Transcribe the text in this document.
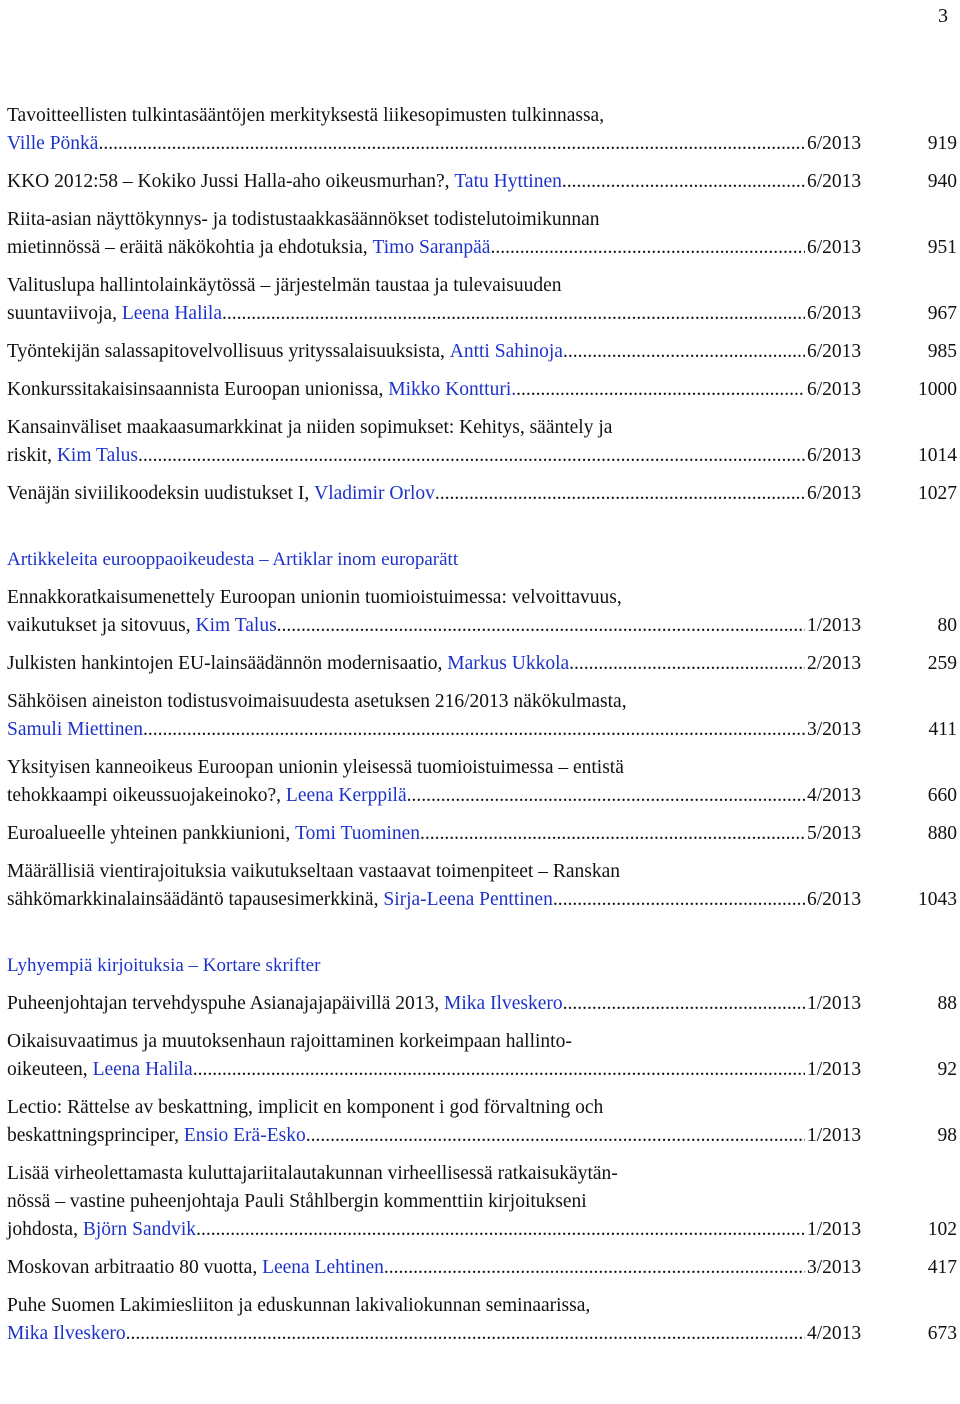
3
Tavoitteellisten tulkintasääntöjen merkityksestä liikesopimusten tulkinnassa,
Ville Pönkä .....	6/2013	919
KKO 2012:58 – Kokiko Jussi Halla-aho oikeusmurhan?, Tatu Hyttinen .....	6/2013	940
Riita-asian näyttökynnys- ja todistustaakkasäännökset todistelutoimikunnan
mietinnössä – eräitä näkökohtia ja ehdotuksia, Timo Saranpää .....	6/2013	951
Valituslupa hallintolainkäytössä – järjestelmän taustaa ja tulevaisuuden
suuntaviivoja, Leena Halila .....	6/2013	967
Työntekijän salassapitovelvollisuus yrityssalaisuuksista, Antti Sahinoja .....	6/2013	985
Konkurssitakaisinsaannista Euroopan unionissa, Mikko Kontturi. .....	6/2013	1000
Kansainväliset maakaasumarkkinat ja niiden sopimukset: Kehitys, sääntely ja
riskit, Kim Talus .....	6/2013	1014
Venäjän siviilikoodeksin uudistukset I, Vladimir Orlov .....	6/2013	1027
Artikkeleita eurooppaoikeudesta – Artiklar inom europarätt
Ennakkoratkaisumenettely Euroopan unionin tuomioistuimessa: velvoittavuus,
vaikutukset ja sitovuus, Kim Talus .....	1/2013	80
Julkisten hankintojen EU-lainsäädännön modernisaatio, Markus Ukkola .....	2/2013	259
Sähköisen aineiston todistusvoimaisuudesta asetuksen 216/2013 näkökulmasta,
Samuli Miettinen .....	3/2013	411
Yksityisen kanneoikeus Euroopan unionin yleisessä tuomioistuimessa – entistä
tehokkaampi oikeussuojakeinoko?, Leena Kerppilä .....	4/2013	660
Euroalueelle yhteinen pankkiunioni, Tomi Tuominen .....	5/2013	880
Määrällisiä vientirajoituksia vaikutukseltaan vastaavat toimenpiteet – Ranskan
sähkömarkkinalainsäädäntö tapausesimerkkinä, Sirja-Leena Penttinen .....	6/2013	1043
Lyhyempiä kirjoituksia – Kortare skrifter
Puheenjohtajan tervehdyspuhe Asianajajapäivillä 2013, Mika Ilveskero .....	1/2013	88
Oikaisuvaatimus ja muutoksenhaun rajoittaminen korkeimpaan hallinto-
oikeuteen, Leena Halila .....	1/2013	92
Lectio: Rättelse av beskattning, implicit en komponent i god förvaltning och
beskattningsprinciper, Ensio Erä-Esko .....	1/2013	98
Lisää virheolettamasta kuluttajariitalautakunnan virheellisessä ratkaisukäytän-
nössä – vastine puheenjohtaja Pauli Ståhlbergin kommenttiin kirjoitukseni
johdosta, Björn Sandvik .....	1/2013	102
Moskovan arbitraatio 80 vuotta, Leena Lehtinen .....	3/2013	417
Puhe Suomen Lakimiesliiton ja eduskunnan lakivaliokunnan seminaarissa,
Mika Ilveskero .....	4/2013	673
